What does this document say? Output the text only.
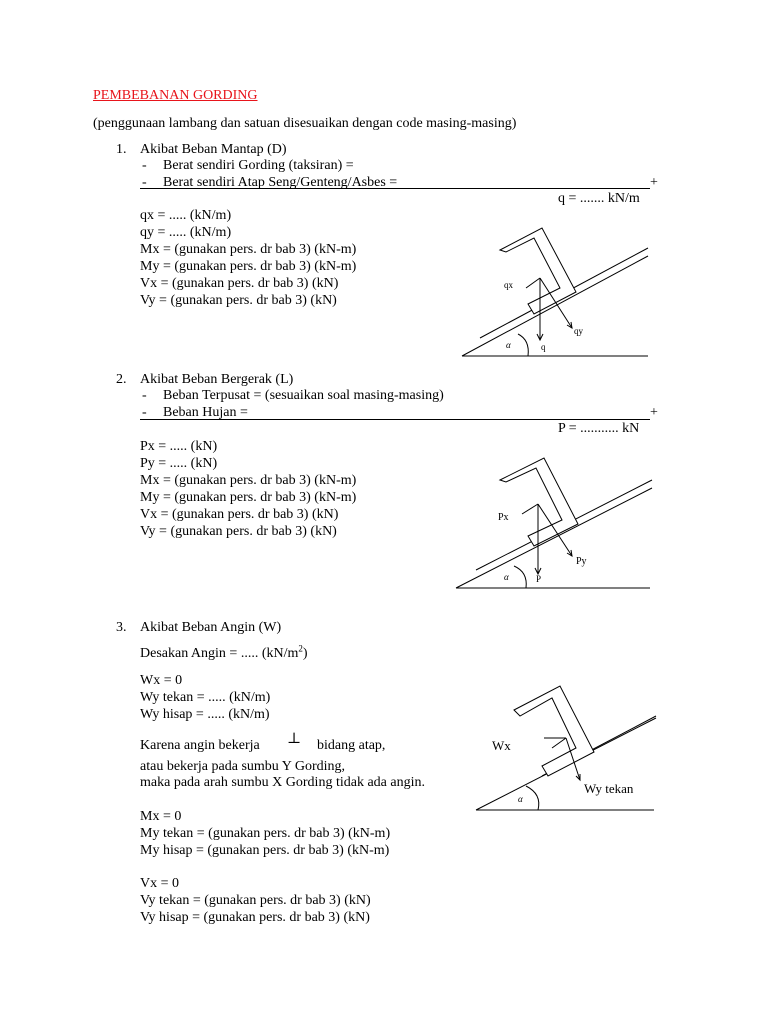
PEMBEBANAN GORDING
(penggunaan lambang dan satuan disesuaikan dengan code masing-masing)
1. Akibat Beban Mantap (D)
- Berat sendiri Gording (taksiran) =
- Berat sendiri Atap Seng/Genteng/Asbes =	+
q = ....... kN/m
qx = ..... (kN/m)
qy = ..... (kN/m)
Mx = (gunakan pers. dr bab 3) (kN-m)
My = (gunakan pers. dr bab 3) (kN-m)
Vx = (gunakan pers. dr bab 3) (kN)
Vy = (gunakan pers. dr bab 3) (kN)
qx
qy
q
α
2. Akibat Beban Bergerak (L)
- Beban Terpusat = (sesuaikan soal masing-masing)
- Beban Hujan =	+
P = ........... kN
Px = ..... (kN)
Py = ..... (kN)
Mx = (gunakan pers. dr bab 3) (kN-m)
My = (gunakan pers. dr bab 3) (kN-m)
Vx = (gunakan pers. dr bab 3) (kN)
Vy = (gunakan pers. dr bab 3) (kN)
Px
Py
P
α
3. Akibat Beban Angin (W)
Desakan Angin = ..... $(kN/m^2)$
Wx = 0
Wy tekan = ..... (kN/m)
Wy hisap = ..... (kN/m)
Karena angin bekerja ⊥ bidang atap,
atau bekerja pada sumbu Y Gording,
maka pada arah sumbu X Gording tidak ada angin.
Mx = 0
My tekan = (gunakan pers. dr bab 3) (kN-m)
My hisap = (gunakan pers. dr bab 3) (kN-m)
Vx = 0
Vy tekan = (gunakan pers. dr bab 3) (kN)
Vy hisap = (gunakan pers. dr bab 3) (kN)
Wx
Wy tekan
α
